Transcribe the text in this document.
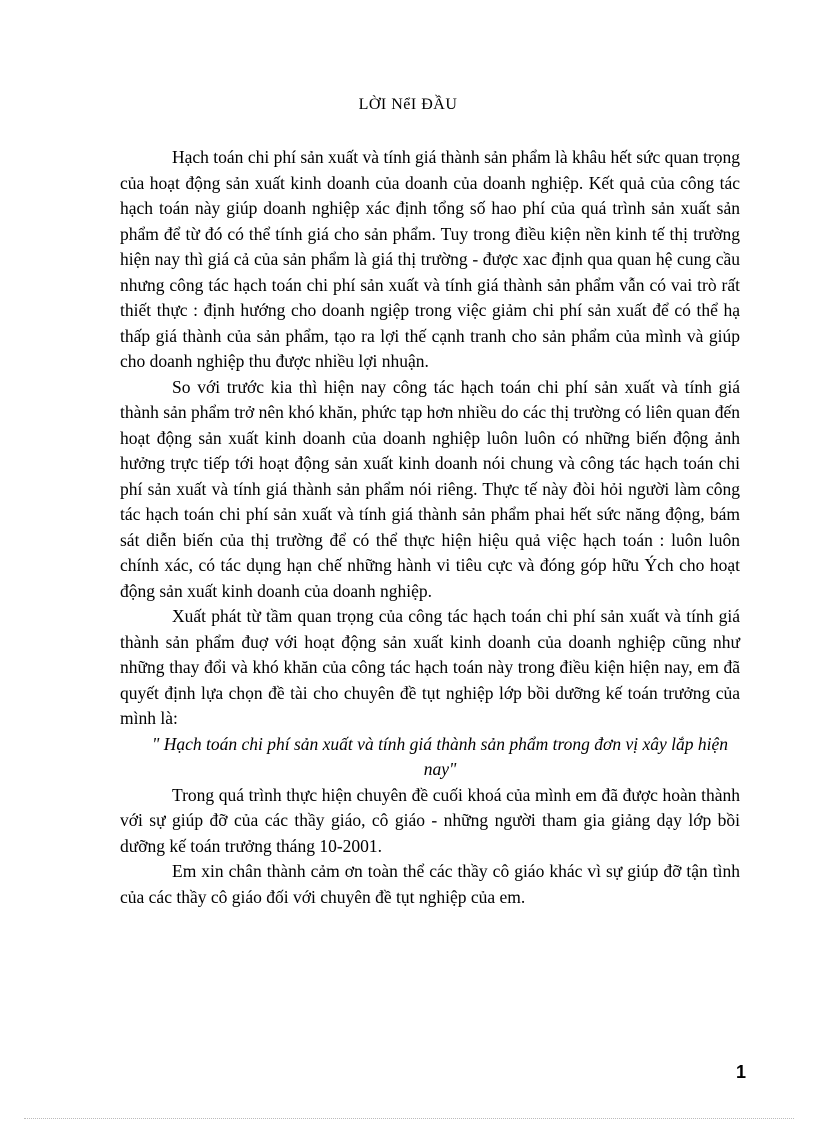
LỜI NểI ĐẦU

Hạch toán chi phí sản xuất và tính giá thành sản phẩm là khâu hết sức quan trọng của hoạt động sản xuất kinh doanh của doanh của doanh nghiệp. Kết quả của công tác hạch toán này giúp doanh nghiệp xác định tổng số hao phí của quá trình sản xuất sản phẩm để từ đó có thể tính giá cho sản phẩm. Tuy trong điều kiện nền kinh tế thị trường hiện nay thì giá cả của sản phẩm là giá thị trường - được xac định qua quan hệ cung cầu nhưng công tác hạch toán chi phí sản xuất và tính giá thành sản phẩm vẫn có vai trò rất thiết thực : định hướng cho doanh ngiệp trong việc giảm chi phí sản xuất để có thể hạ thấp giá thành của sản phẩm, tạo ra lợi thế cạnh tranh cho sản phẩm của mình và giúp cho doanh nghiệp thu được nhiều lợi nhuận.

So với trước kia thì hiện nay công tác hạch toán chi phí sản xuất và tính giá thành sản phẩm trở nên khó khăn, phức tạp hơn nhiều do các thị trường có liên quan đến hoạt động sản xuất kinh doanh của doanh nghiệp luôn luôn có những biến động ảnh hưởng trực tiếp tới hoạt động sản xuất kinh doanh nói chung và công tác hạch toán chi phí sản xuất và tính giá thành sản phẩm nói riêng. Thực tế này đòi hỏi người làm công tác hạch toán chi phí sản xuất và tính giá thành sản phẩm phai hết sức năng động, bám sát diễn biến của thị trường để có thể thực hiện hiệu quả việc hạch toán : luôn luôn chính xác, có tác dụng hạn chế những hành vi tiêu cực và đóng góp hữu Ých cho hoạt động sản xuất kinh doanh của doanh nghiệp.

Xuất phát từ tầm quan trọng của công tác hạch toán chi phí sản xuất và tính giá thành sản phẩm đuợ với hoạt động sản xuất kinh doanh của doanh nghiệp cũng như những thay đổi và khó khăn của công tác hạch toán này trong điều kiện hiện nay, em đã quyết định lựa chọn đề tài cho chuyên đề tụt nghiệp lớp bồi dưỡng kế toán trưởng của mình là:

" Hạch toán chi phí sản xuất và tính giá thành sản phẩm trong đơn vị xây lắp hiện nay"

Trong quá trình thực hiện chuyên đề cuối khoá của mình em đã được hoàn thành với sự giúp đỡ của các thầy giáo, cô giáo - những người tham gia giảng dạy lớp bồi dưỡng kế toán trưởng tháng 10-2001.

Em xin chân thành cảm ơn toàn thể các thầy cô giáo khác vì sự giúp đỡ tận tình của các thầy cô giáo đối với chuyên đề tụt nghiệp của em.

1
